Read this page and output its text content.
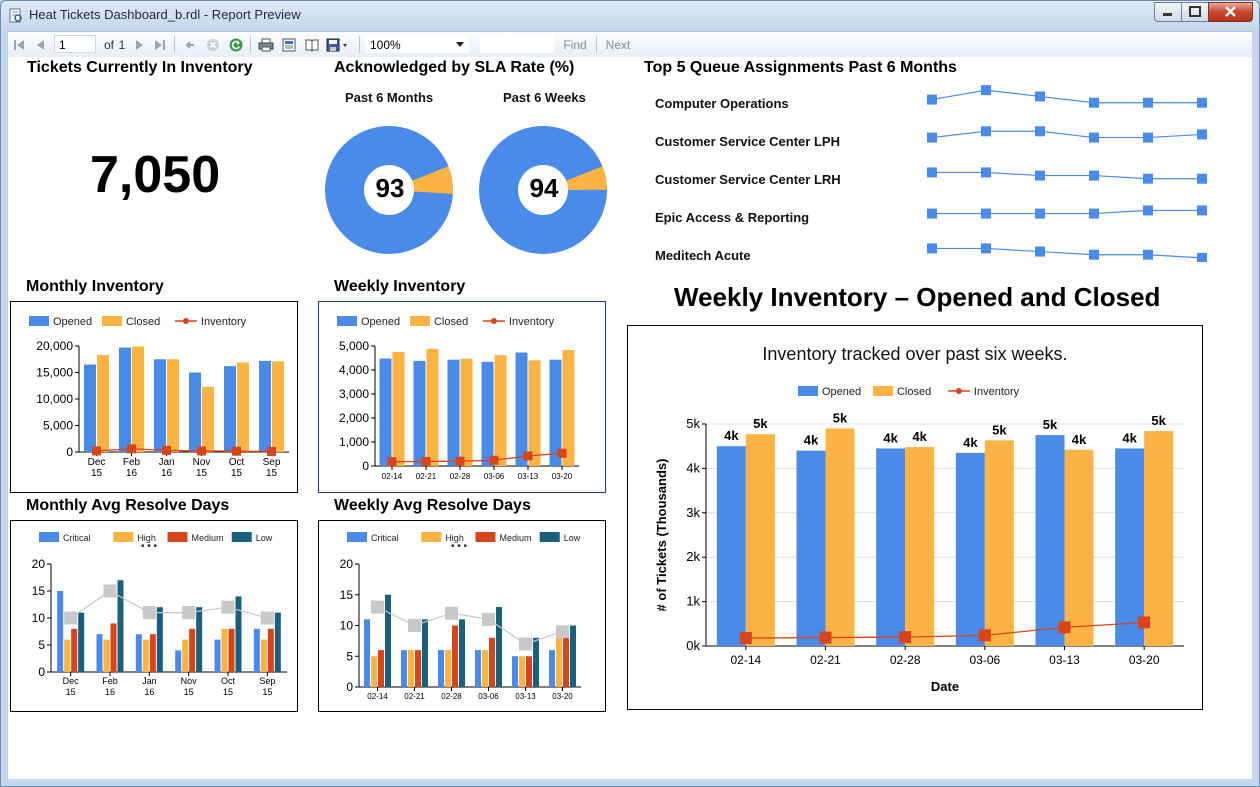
Heat Tickets Dashboard_b.rdl - Report Preview
1	of 1	100%	Find Next
Tickets Currently In Inventory
7,050
Acknowledged by SLA Rate (%)
Past 6 Months	Past 6 Weeks
93	94
Top 5 Queue Assignments Past 6 Months
Computer Operations
Customer Service Center LPH
Customer Service Center LRH
Epic Access & Reporting
Meditech Acute
Monthly Inventory	Weekly Inventory	Weekly Inventory – Opened and Closed
Monthly Avg Resolve Days	Weekly Avg Resolve Days
Opened	Closed	Inventory
0
5,000
10,000
15,000
20,000
Dec
15
Feb
16
Jan
16
Nov
15
Oct
15
Sep
15
Opened	Closed	Inventory
0
1,000
2,000
3,000
4,000
5,000
02-14 02-21 02-28 03-06 03-13 03-20
Opened	Closed	Inventory
0k
1k
2k
3k
4k
5k
4k
5k
02-14
4k
5k
02-21
4k 4k
02-28
4k
5k
03-06
5k
4k
03-13
4k
5k
03-20
# of Tickets (Thousands)
Date
Inventory tracked over past six weeks.
Critical	High	Medium	Low
• • •
0
5
10
15
20
Dec
15
Feb
16
Jan
16
Nov
15
Oct
15
Sep
15
Critical	High	Medium	Low
• • •
0
5
10
15
20
02-14 02-21 02-28 03-06 03-13 03-20
